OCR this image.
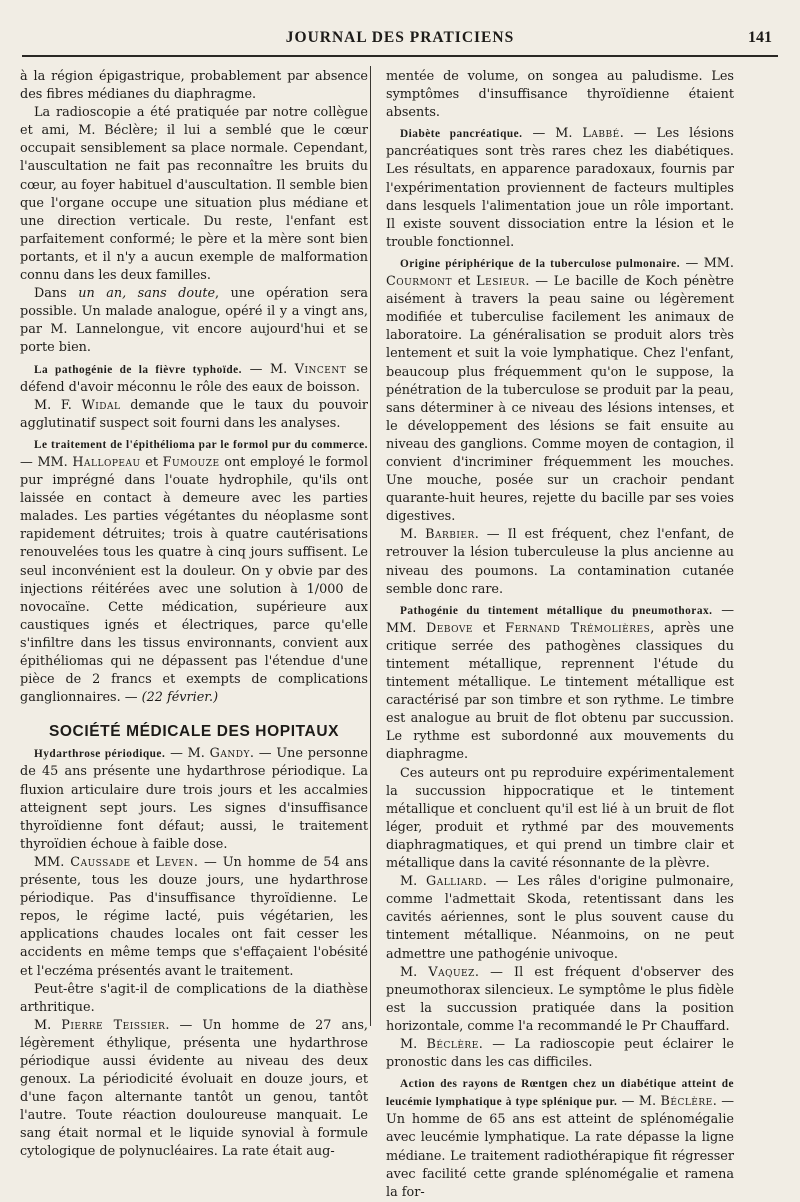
JOURNAL DES PRATICIENS	141

à la région épigastrique, probablement par absence des fibres médianes du diaphragme.

La radioscopie a été pratiquée par notre collègue et ami, M. Béclère; il lui a semblé que le cœur occupait sensiblement sa place normale. Cependant, l'auscultation ne fait pas reconnaître les bruits du cœur, au foyer habituel d'auscultation. Il semble bien que l'organe occupe une situation plus médiane et une direction verticale. Du reste, l'enfant est parfaitement conformé; le père et la mère sont bien portants, et il n'y a aucun exemple de malformation connu dans les deux familles.

Dans un an, sans doute, une opération sera possible. Un malade analogue, opéré il y a vingt ans, par M. Lannelongue, vit encore aujourd'hui et se porte bien.

La pathogénie de la fièvre typhoïde. — M. Vincent se défend d'avoir méconnu le rôle des eaux de boisson.

M. F. Widal demande que le taux du pouvoir agglutinatif suspect soit fourni dans les analyses.

Le traitement de l'épithélioma par le formol pur du commerce. — MM. Hallopeau et Fumouze ont employé le formol pur imprégné dans l'ouate hydrophile, qu'ils ont laissée en contact à demeure avec les parties malades. Les parties végétantes du néoplasme sont rapidement détruites; trois à quatre cautérisations renouvelées tous les quatre à cinq jours suffisent. Le seul inconvénient est la douleur. On y obvie par des injections réitérées avec une solution à 1/000 de novocaïne. Cette médication, supérieure aux caustiques ignés et électriques, parce qu'elle s'infiltre dans les tissus environnants, convient aux épithéliomas qui ne dépassent pas l'étendue d'une pièce de 2 francs et exempts de complications ganglionnaires. — (22 février.)

SOCIÉTÉ MÉDICALE DES HOPITAUX

Hydarthrose périodique. — M. Gandy. — Une personne de 45 ans présente une hydarthrose périodique. La fluxion articulaire dure trois jours et les accalmies atteignent sept jours. Les signes d'insuffisance thyroïdienne font défaut; aussi, le traitement thyroïdien échoue à faible dose.

MM. Caussade et Leven. — Un homme de 54 ans présente, tous les douze jours, une hydarthrose périodique. Pas d'insuffisance thyroïdienne. Le repos, le régime lacté, puis végétarien, les applications chaudes locales ont fait cesser les accidents en même temps que s'effaçaient l'obésité et l'eczéma présentés avant le traitement.

Peut-être s'agit-il de complications de la diathèse arthritique.

M. Pierre Teissier. — Un homme de 27 ans, légèrement éthylique, présenta une hydarthrose périodique aussi évidente au niveau des deux genoux. La périodicité évoluait en douze jours, et d'une façon alternante tantôt un genou, tantôt l'autre. Toute réaction douloureuse manquait. Le sang était normal et le liquide synovial à formule cytologique de polynucléaires. La rate était aug-

mentée de volume, on songea au paludisme. Les symptômes d'insuffisance thyroïdienne étaient absents.

Diabète pancréatique. — M. Labbé. — Les lésions pancréatiques sont très rares chez les diabétiques. Les résultats, en apparence paradoxaux, fournis par l'expérimentation proviennent de facteurs multiples dans lesquels l'alimentation joue un rôle important. Il existe souvent dissociation entre la lésion et le trouble fonctionnel.

Origine périphérique de la tuberculose pulmonaire. — MM. Courmont et Lesieur. — Le bacille de Koch pénètre aisément à travers la peau saine ou légèrement modifiée et tuberculise facilement les animaux de laboratoire. La généralisation se produit alors très lentement et suit la voie lymphatique. Chez l'enfant, beaucoup plus fréquemment qu'on le suppose, la pénétration de la tuberculose se produit par la peau, sans déterminer à ce niveau des lésions intenses, et le développement des lésions se fait ensuite au niveau des ganglions. Comme moyen de contagion, il convient d'incriminer fréquemment les mouches. Une mouche, posée sur un crachoir pendant quarante-huit heures, rejette du bacille par ses voies digestives.

M. Barbier. — Il est fréquent, chez l'enfant, de retrouver la lésion tuberculeuse la plus ancienne au niveau des poumons. La contamination cutanée semble donc rare.

Pathogénie du tintement métallique du pneumothorax. — MM. Debove et Fernand Trémolières, après une critique serrée des pathogènes classiques du tintement métallique, reprennent l'étude du tintement métallique. Le tintement métallique est caractérisé par son timbre et son rythme. Le timbre est analogue au bruit de flot obtenu par succussion. Le rythme est subordonné aux mouvements du diaphragme.

Ces auteurs ont pu reproduire expérimentalement la succussion hippocratique et le tintement métallique et concluent qu'il est lié à un bruit de flot léger, produit et rythmé par des mouvements diaphragmatiques, et qui prend un timbre clair et métallique dans la cavité résonnante de la plèvre.

M. Galliard. — Les râles d'origine pulmonaire, comme l'admettait Skoda, retentissant dans les cavités aériennes, sont le plus souvent cause du tintement métallique. Néanmoins, on ne peut admettre une pathogénie univoque.

M. Vaquez. — Il est fréquent d'observer des pneumothorax silencieux. Le symptôme le plus fidèle est la succussion pratiquée dans la position horizontale, comme l'a recommandé le Pr Chauffard.

M. Béclère. — La radioscopie peut éclairer le pronostic dans les cas difficiles.

Action des rayons de Rœntgen chez un diabétique atteint de leucémie lymphatique à type splénique pur. — M. Béclère. — Un homme de 65 ans est atteint de splénomégalie avec leucémie lymphatique. La rate dépasse la ligne médiane. Le traitement radiothérapique fit régresser avec facilité cette grande splénomégalie et ramena la for-
